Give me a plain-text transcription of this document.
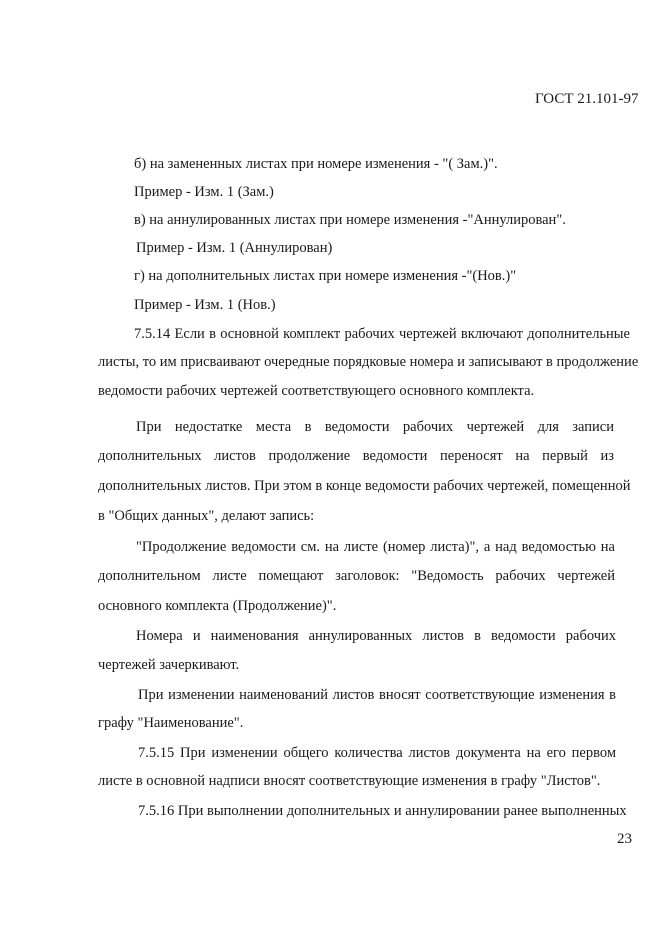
ГОСТ 21.101-97
б) на замененных листах при номере изменения - "( Зам.)".
Пример - Изм. 1 (Зам.)
в) на аннулированных листах при номере изменения -"Аннулирован".
Пример - Изм. 1 (Аннулирован)
г) на дополнительных листах при номере изменения -"(Нов.)"
Пример - Изм. 1 (Нов.)
7.5.14 Если в основной комплект рабочих чертежей включают дополнительные
листы, то им присваивают очередные порядковые номера и записывают в продолжение
ведомости рабочих чертежей соответствующего основного комплекта.
При недостатке места в ведомости рабочих чертежей для записи
дополнительных листов продолжение ведомости переносят на первый из
дополнительных листов. При этом в конце ведомости рабочих чертежей, помещенной
в "Общих данных", делают запись:
"Продолжение ведомости см. на листе (номер листа)", а над ведомостью на
дополнительном листе помещают заголовок: "Ведомость рабочих чертежей
основного комплекта (Продолжение)".
Номера и наименования аннулированных листов в ведомости рабочих
чертежей зачеркивают.
При изменении наименований листов вносят соответствующие изменения в
графу "Наименование".
7.5.15 При изменении общего количества листов документа на его первом
листе в основной надписи вносят соответствующие изменения в графу "Листов".
7.5.16 При выполнении дополнительных и аннулировании ранее выполненных
23
